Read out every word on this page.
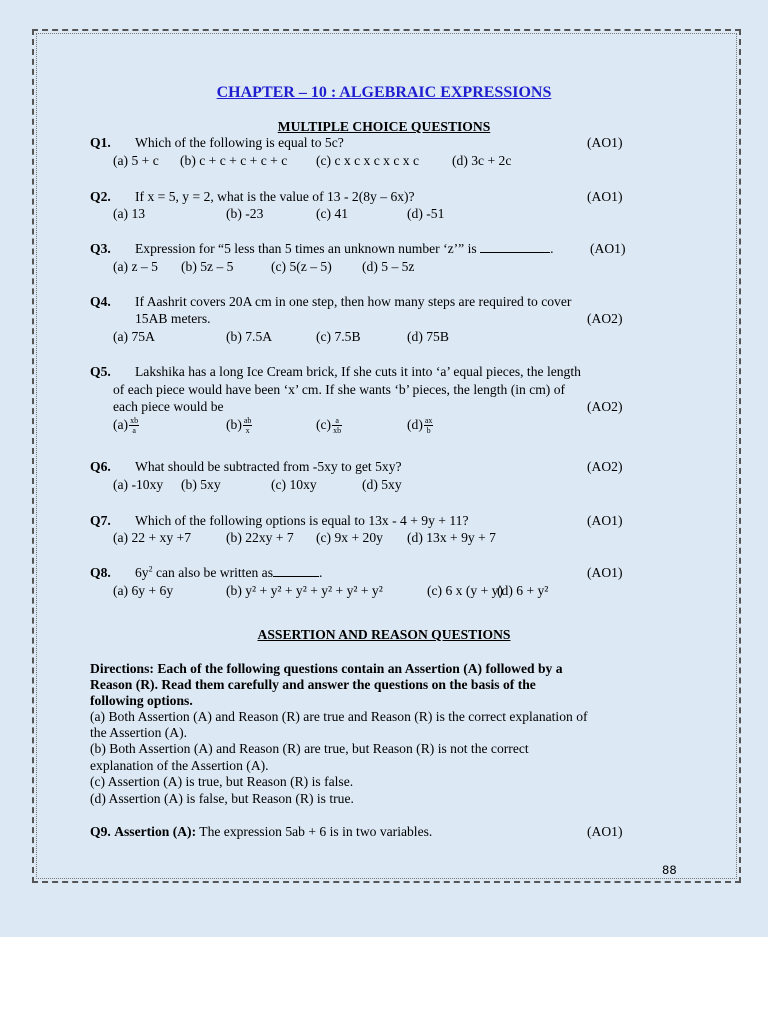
CHAPTER – 10 : ALGEBRAIC EXPRESSIONS
MULTIPLE CHOICE QUESTIONS
Q1. Which of the following is equal to 5c?	(AO1)
(a) 5 + c (b) c + c + c + c + c (c) c x c x c x c x c (d) 3c + 2c
Q2. If x = 5, y = 2, what is the value of 13 - 2(8y – 6x)?	(AO1)
(a) 13	(b) -23	(c) 41	(d) -51
Q3. Expression for “5 less than 5 times an unknown number ‘z’” is	.	(AO1)
(a) z – 5 (b) 5z – 5	(c) 5(z – 5) (d) 5 – 5z
Q4. If Aashrit covers 20A cm in one step, then how many steps are required to cover
15AB meters.	(AO2)
(a) 75A	(b) 7.5A	(c) 7.5B	(d) 75B
Q5. Lakshika has a long Ice Cream brick, If she cuts it into ‘a’ equal pieces, the length
of each piece would have been ‘x’ cm. If she wants ‘b’ pieces, the length (in cm) of
each piece would be	(AO2)
$(a) \frac{xb}{a}$	$(b) \frac{ab}{x}$	$(c) \frac{a}{xb}$	$(d) \frac{ax}{b}$
Q6. What should be subtracted from -5xy to get 5xy?	(AO2)
(a) -10xy (b) 5xy	(c) 10xy	(d) 5xy
Q7. Which of the following options is equal to 13x - 4 + 9y + 11?	(AO1)
(a) 22 + xy +7	(b) 22xy + 7 (c) 9x + 20y (d) 13x + 9y + 7
Q8. $6y^2$ can also be written as	.	(AO1)
(a) 6y + 6y	(b) y² + y² + y² + y² + y² + y²	(c) 6 x (y + y)
(d) 6 + y²
ASSERTION AND REASON QUESTIONS
Directions: Each of the following questions contain an Assertion (A) followed by a
Reason (R). Read them carefully and answer the questions on the basis of the
following options.
(a) Both Assertion (A) and Reason (R) are true and Reason (R) is the correct explanation of
the Assertion (A).
(b) Both Assertion (A) and Reason (R) are true, but Reason (R) is not the correct
explanation of the Assertion (A).
(c) Assertion (A) is true, but Reason (R) is false.
(d) Assertion (A) is false, but Reason (R) is true.
Q9. Assertion (A): The expression 5ab + 6 is in two variables.	(AO1)
88
